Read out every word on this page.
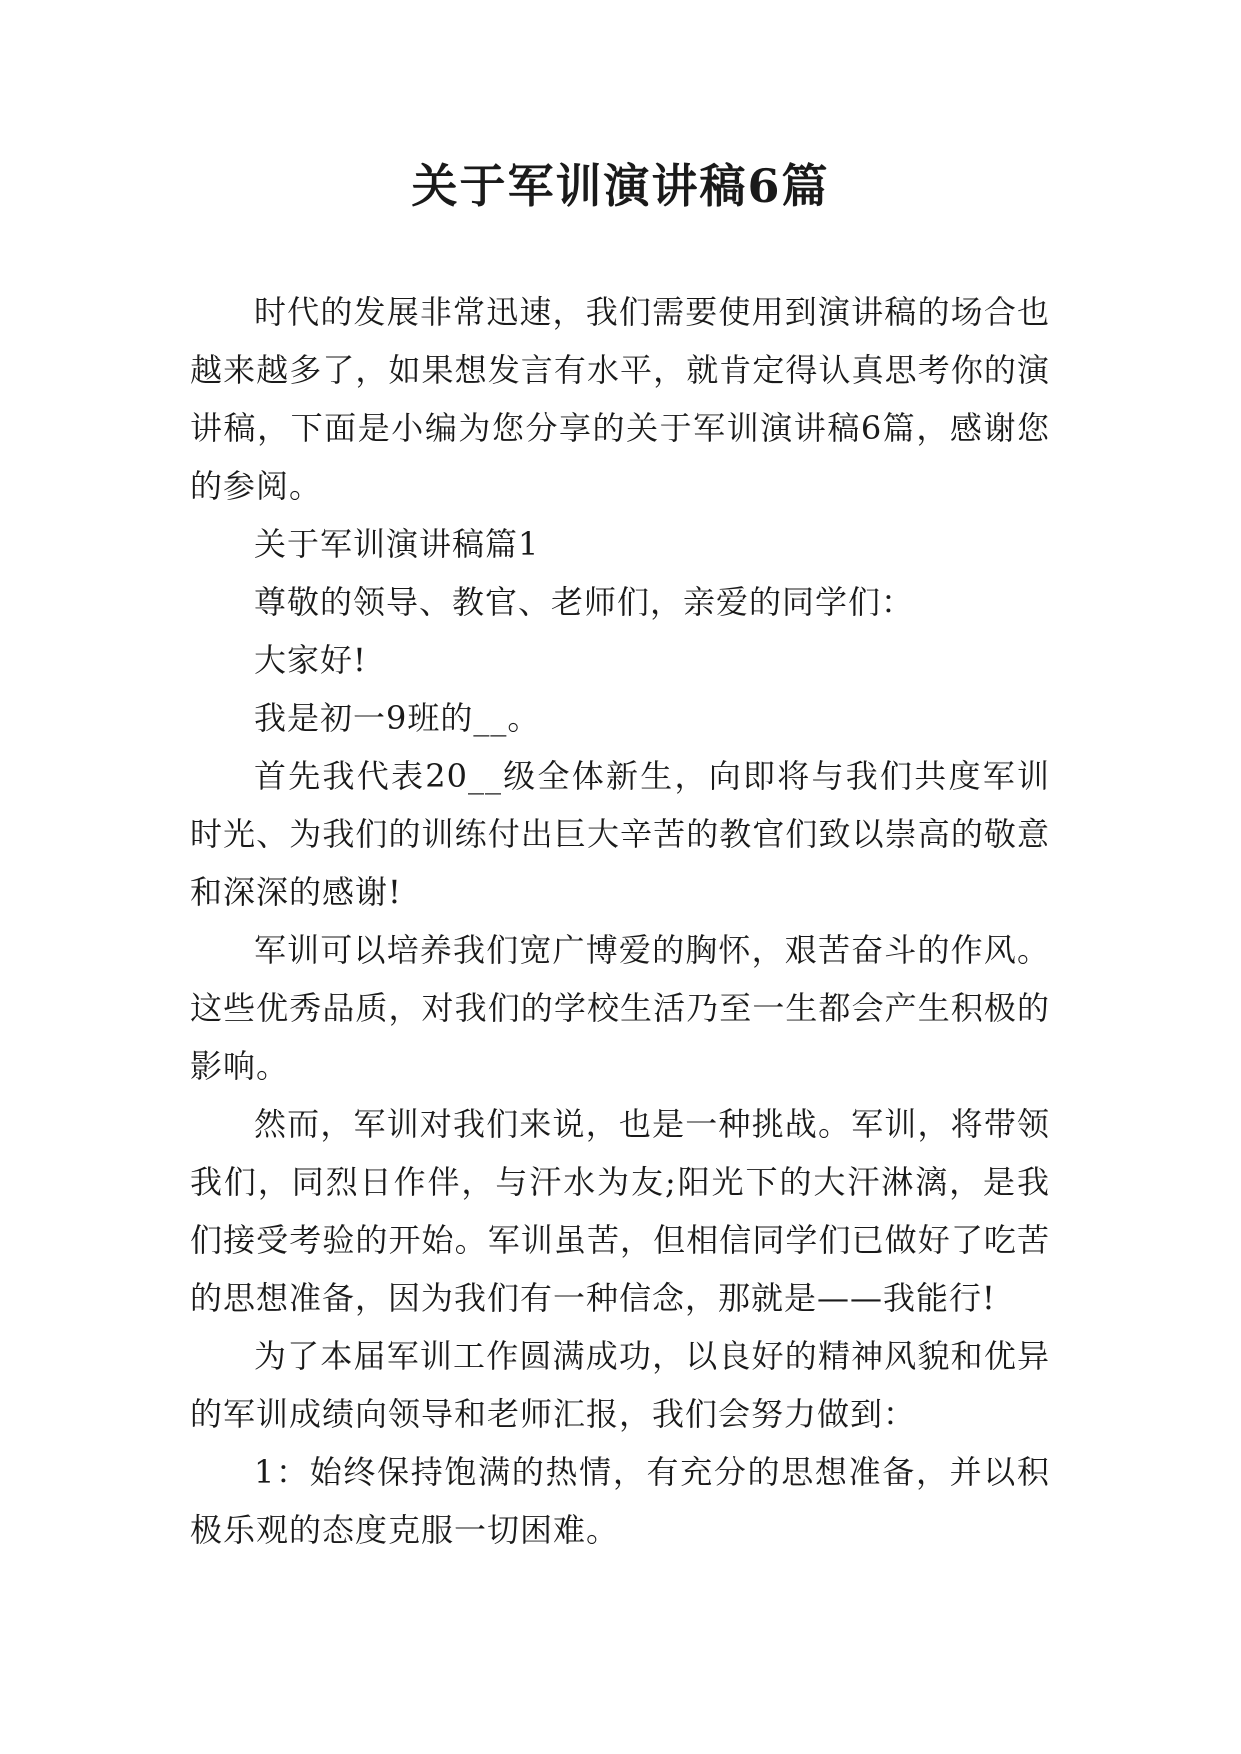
关于军训演讲稿6篇

时代的发展非常迅速，我们需要使用到演讲稿的场合也越来越多了，如果想发言有水平，就肯定得认真思考你的演讲稿，下面是小编为您分享的关于军训演讲稿6篇，感谢您的参阅。

关于军训演讲稿篇1

尊敬的领导、教官、老师们，亲爱的同学们：

大家好!

我是初一9班的__。

首先我代表20__级全体新生，向即将与我们共度军训时光、为我们的训练付出巨大辛苦的教官们致以崇高的敬意和深深的感谢!

军训可以培养我们宽广博爱的胸怀，艰苦奋斗的作风。这些优秀品质，对我们的学校生活乃至一生都会产生积极的影响。

然而，军训对我们来说，也是一种挑战。军训，将带领我们，同烈日作伴，与汗水为友;阳光下的大汗淋漓，是我们接受考验的开始。军训虽苦，但相信同学们已做好了吃苦的思想准备，因为我们有一种信念，那就是——我能行!

为了本届军训工作圆满成功，以良好的精神风貌和优异的军训成绩向领导和老师汇报，我们会努力做到：

1：始终保持饱满的热情，有充分的思想准备，并以积极乐观的态度克服一切困难。
